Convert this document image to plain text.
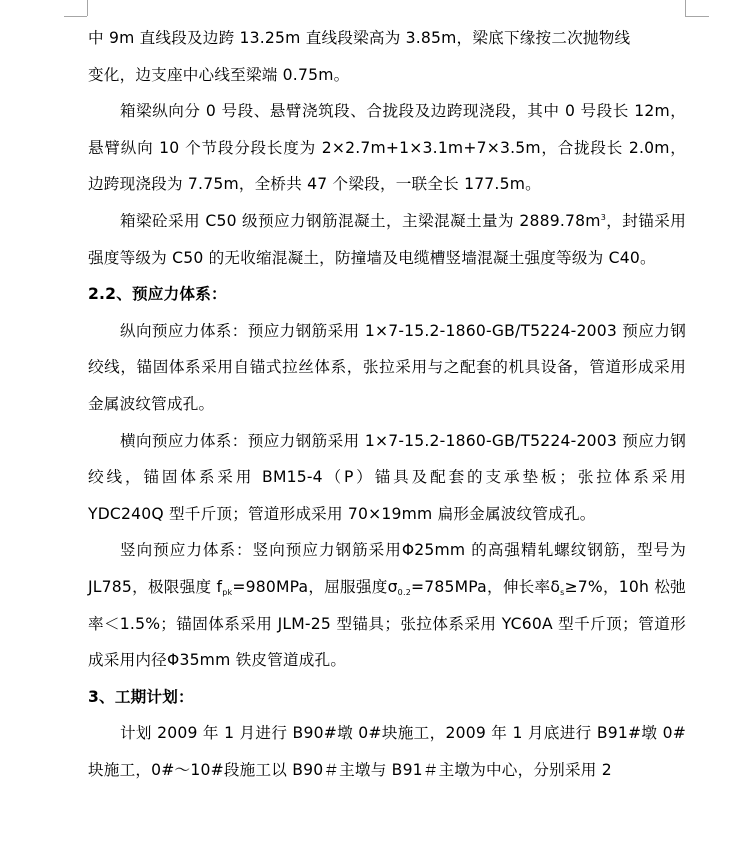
中 9m 直线段及边跨 13.25m 直线段梁高为 3.85m，梁底下缘按二次抛物线
变化，边支座中心线至梁端 0.75m。

箱梁纵向分 0 号段、悬臂浇筑段、合拢段及边跨现浇段，其中 0 号段长 12m，悬臂纵向 10 个节段分段长度为 2×2.7m+1×3.1m+7×3.5m，合拢段长 2.0m，边跨现浇段为 7.75m，全桥共 47 个梁段，一联全长 177.5m。

箱梁砼采用 C50 级预应力钢筋混凝土，主梁混凝土量为 $2889.78m^3$，封锚采用强度等级为 C50 的无收缩混凝土，防撞墙及电缆槽竖墙混凝土强度等级为 C40。

2.2、预应力体系：

纵向预应力体系：预应力钢筋采用 1×7-15.2-1860-GB/T5224-2003 预应力钢绞线，锚固体系采用自锚式拉丝体系，张拉采用与之配套的机具设备，管道形成采用金属波纹管成孔。

横向预应力体系：预应力钢筋采用 1×7-15.2-1860-GB/T5224-2003 预应力钢绞线，锚固体系采用 BM15-4（P）锚具及配套的支承垫板；张拉体系采用 YDC240Q 型千斤顶；管道形成采用 70×19mm 扁形金属波纹管成孔。

竖向预应力体系：竖向预应力钢筋采用Φ25mm 的高强精轧螺纹钢筋，型号为 JL785，极限强度 $f_{pk}=980MPa$，屈服强度$\sigma_{0.2}=785MPa$，伸长率$\delta_s\ge 7\%$，10h 松弛率＜1.5%；锚固体系采用 JLM-25 型锚具；张拉体系采用 YC60A 型千斤顶；管道形成采用内径Φ35mm 铁皮管道成孔。

3、工期计划：

计划 2009 年 1 月进行 B90#墩 0#块施工，2009 年 1 月底进行 B91#墩 0#块施工，0#～10#段施工以 B90＃主墩与 B91＃主墩为中心，分别采用 2
